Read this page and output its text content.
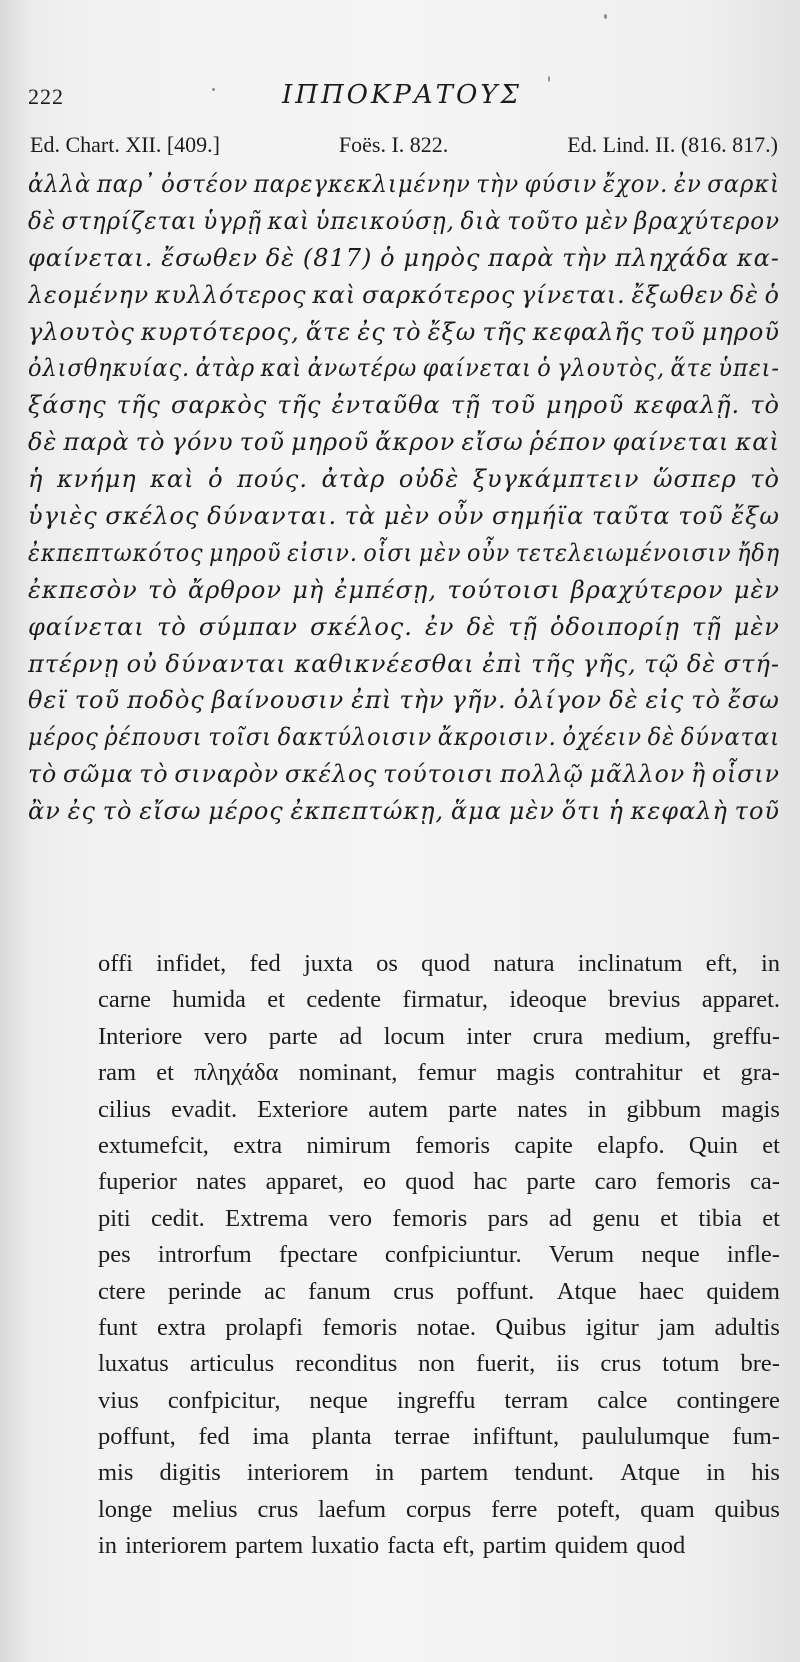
222	ΙΠΠΟΚΡΑΤΟΥΣ
Ed. Chart. XII. [409.]	Foës. I. 822.	Ed. Lind. II. (816. 817.)
ἀλλὰ παρ᾽ ὀστέον παρεγκεκλιμένην τὴν φύσιν ἔχον. ἐν σαρκὶ
δὲ στηρίζεται ὑγρῇ καὶ ὑπεικούσῃ, διὰ τοῦτο μὲν βραχύτερον
φαίνεται. ἔσωθεν δὲ (817) ὁ μηρὸς παρὰ τὴν πληχάδα κα-
λεομένην κυλλότερος καὶ σαρκότερος γίνεται. ἔξωθεν δὲ ὁ
γλουτὸς κυρτότερος, ἅτε ἐς τὸ ἔξω τῆς κεφαλῆς τοῦ μηροῦ
ὀλισθηκυίας. ἀτὰρ καὶ ἀνωτέρω φαίνεται ὁ γλουτὸς, ἅτε ὑπει-
ξάσης τῆς σαρκὸς τῆς ἐνταῦθα τῇ τοῦ μηροῦ κεφαλῇ. τὸ
δὲ παρὰ τὸ γόνυ τοῦ μηροῦ ἄκρον εἴσω ῥέπον φαίνεται καὶ
ἡ κνήμη καὶ ὁ πούς. ἀτὰρ οὐδὲ ξυγκάμπτειν ὥσπερ τὸ
ὑγιὲς σκέλος δύνανται. τὰ μὲν οὖν σημήϊα ταῦτα τοῦ ἔξω
ἐκπεπτωκότος μηροῦ εἰσιν. οἷσι μὲν οὖν τετελειωμένοισιν ἤδη
ἐκπεσὸν τὸ ἄρθρον μὴ ἐμπέσῃ, τούτοισι βραχύτερον μὲν
φαίνεται τὸ σύμπαν σκέλος. ἐν δὲ τῇ ὁδοιπορίῃ τῇ μὲν
πτέρνῃ οὐ δύνανται καθικνέεσθαι ἐπὶ τῆς γῆς, τῷ δὲ στή-
θεϊ τοῦ ποδὸς βαίνουσιν ἐπὶ τὴν γῆν. ὀλίγον δὲ εἰς τὸ ἔσω
μέρος ῥέπουσι τοῖσι δακτύλοισιν ἄκροισιν. ὀχέειν δὲ δύναται
τὸ σῶμα τὸ σιναρὸν σκέλος τούτοισι πολλῷ μᾶλλον ἢ οἷσιν
ἂν ἐς τὸ εἴσω μέρος ἐκπεπτώκῃ, ἅμα μὲν ὅτι ἡ κεφαλὴ τοῦ
offi infidet, fed juxta os quod natura inclinatum eft, in
carne humida et cedente firmatur, ideoque brevius apparet.
Interiore vero parte ad locum inter crura medium, greffu-
ram et πληχάδα nominant, femur magis contrahitur et gra-
cilius evadit. Exteriore autem parte nates in gibbum magis
extumefcit, extra nimirum femoris capite elapfo. Quin et
fuperior nates apparet, eo quod hac parte caro femoris ca-
piti cedit. Extrema vero femoris pars ad genu et tibia et
pes introrfum fpectare confpiciuntur. Verum neque infle-
ctere perinde ac fanum crus poffunt. Atque haec quidem
funt extra prolapfi femoris notae. Quibus igitur jam adultis
luxatus articulus reconditus non fuerit, iis crus totum bre-
vius confpicitur, neque ingreffu terram calce contingere
poffunt, fed ima planta terrae infiftunt, paululumque fum-
mis digitis interiorem in partem tendunt. Atque in his
longe melius crus laefum corpus ferre poteft, quam quibus
in interiorem partem luxatio facta eft, partim quidem quod
